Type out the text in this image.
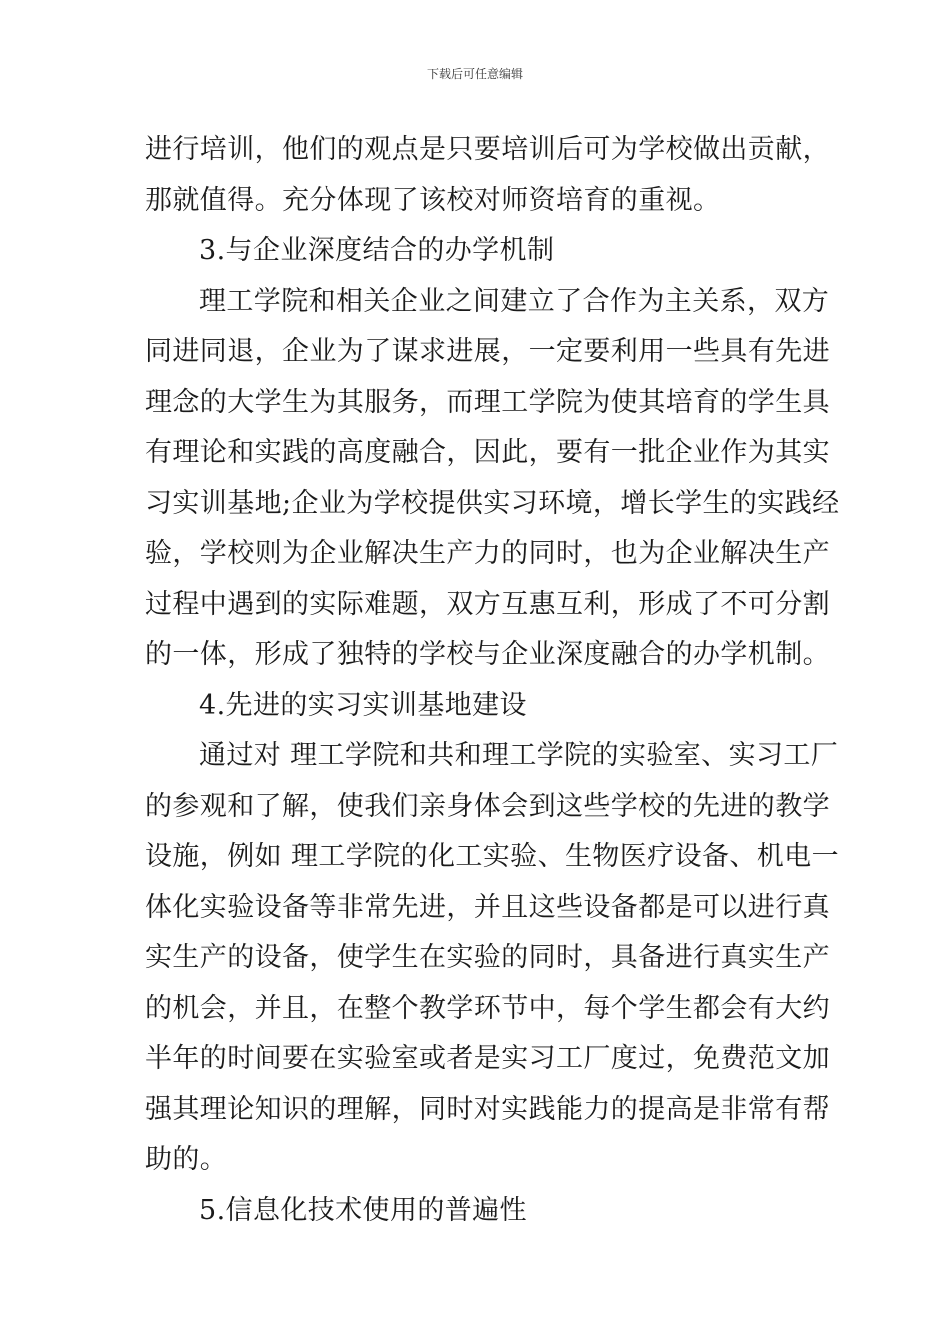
下载后可任意编辑
进行培训，他们的观点是只要培训后可为学校做出贡献，
那就值得。充分体现了该校对师资培育的重视。
3.与企业深度结合的办学机制
理工学院和相关企业之间建立了合作为主关系，双方
同进同退，企业为了谋求进展，一定要利用一些具有先进
理念的大学生为其服务，而理工学院为使其培育的学生具
有理论和实践的高度融合，因此，要有一批企业作为其实
习实训基地;企业为学校提供实习环境，增长学生的实践经
验，学校则为企业解决生产力的同时，也为企业解决生产
过程中遇到的实际难题，双方互惠互利，形成了不可分割
的一体，形成了独特的学校与企业深度融合的办学机制。
4.先进的实习实训基地建设
通过对 理工学院和共和理工学院的实验室、实习工厂
的参观和了解，使我们亲身体会到这些学校的先进的教学
设施，例如 理工学院的化工实验、生物医疗设备、机电一
体化实验设备等非常先进，并且这些设备都是可以进行真
实生产的设备，使学生在实验的同时，具备进行真实生产
的机会，并且，在整个教学环节中，每个学生都会有大约
半年的时间要在实验室或者是实习工厂度过，免费范文加
强其理论知识的理解，同时对实践能力的提高是非常有帮
助的。
5.信息化技术使用的普遍性
